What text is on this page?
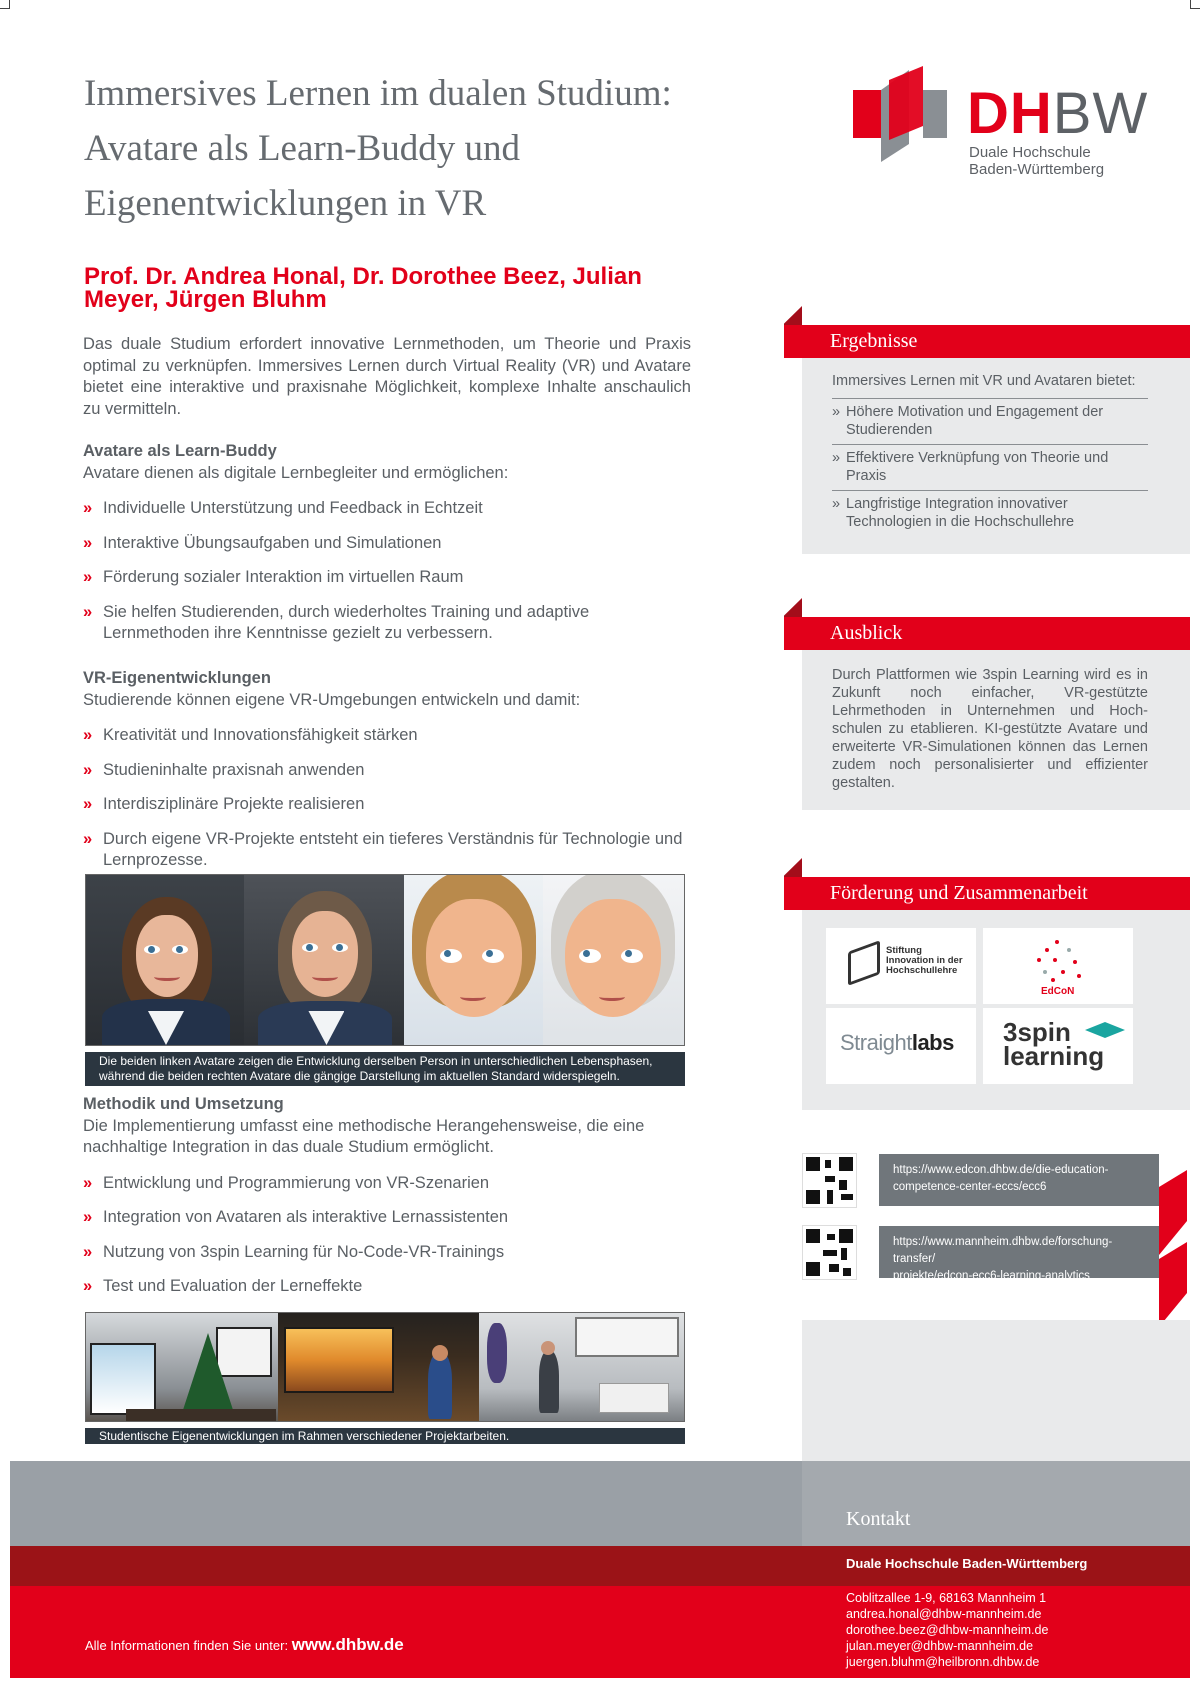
Immersives Lernen im dualen Studium:
Avatare als Learn-Buddy und
Eigenentwicklungen in VR
Prof. Dr. Andrea Honal, Dr. Dorothee Beez, Julian Meyer, Jürgen Bluhm
DHBW
Duale Hochschule
Baden-Württemberg
Das duale Studium erfordert innovative Lernmethoden, um Theorie und Praxis optimal zu verknüpfen. Immersives Lernen durch Virtual Reality (VR) und Avatare bietet eine interaktive und praxisnahe Möglichkeit, komplexe Inhalte anschaulich zu vermitteln.
Avatare als Learn-Buddy
Avatare dienen als digitale Lernbegleiter und ermöglichen:
» Individuelle Unterstützung und Feedback in Echtzeit
» Interaktive Übungsaufgaben und Simulationen
» Förderung sozialer Interaktion im virtuellen Raum
» Sie helfen Studierenden, durch wiederholtes Training und adaptive Lernmethoden ihre Kenntnisse gezielt zu verbessern.
VR-Eigenentwicklungen
Studierende können eigene VR-Umgebungen entwickeln und damit:
» Kreativität und Innovationsfähigkeit stärken
» Studieninhalte praxisnah anwenden
» Interdisziplinäre Projekte realisieren
» Durch eigene VR-Projekte entsteht ein tieferes Verständnis für Technologie und Lernprozesse.
Die beiden linken Avatare zeigen die Entwicklung derselben Person in unterschiedlichen Lebensphasen, während die beiden rechten Avatare die gängige Darstellung im aktuellen Standard widerspiegeln.
Methodik und Umsetzung
Die Implementierung umfasst eine methodische Herangehensweise, die eine nachhaltige Integration in das duale Studium ermöglicht.
» Entwicklung und Programmierung von VR-Szenarien
» Integration von Avataren als interaktive Lernassistenten
» Nutzung von 3spin Learning für No-Code-VR-Trainings
» Test und Evaluation der Lerneffekte
Studentische Eigenentwicklungen im Rahmen verschiedener Projektarbeiten.
Ergebnisse
Immersives Lernen mit VR und Avataren bietet:
» Höhere Motivation und Engagement der Studierenden
» Effektivere Verknüpfung von Theorie und Praxis
» Langfristige Integration innovativer Technologien in die Hochschullehre
Ausblick
Durch Plattformen wie 3spin Learning wird es in Zukunft noch einfacher, VR-gestützte Lehrmethoden in Unternehmen und Hoch-schulen zu etablieren. KI-gestützte Avatare und erweiterte VR-Simulationen können das Lernen zudem noch personalisierter und effizienter gestalten.
Förderung und Zusammenarbeit
Stiftung
Innovation in der
Hochschullehre
EdCoN
Straightlabs 3spin
learning
https://www.edcon.dhbw.de/die-education-
competence-center-eccs/ecc6
https://www.mannheim.dhbw.de/forschung-transfer/
projekte/edcon-ecc6-learning-analytics
Kontakt
Duale Hochschule Baden-Württemberg
Coblitzallee 1-9, 68163 Mannheim 1
andrea.honal@dhbw-mannheim.de
dorothee.beez@dhbw-mannheim.de
julan.meyer@dhbw-mannheim.de
juergen.bluhm@heilbronn.dhbw.de
Alle Informationen finden Sie unter: www.dhbw.de
